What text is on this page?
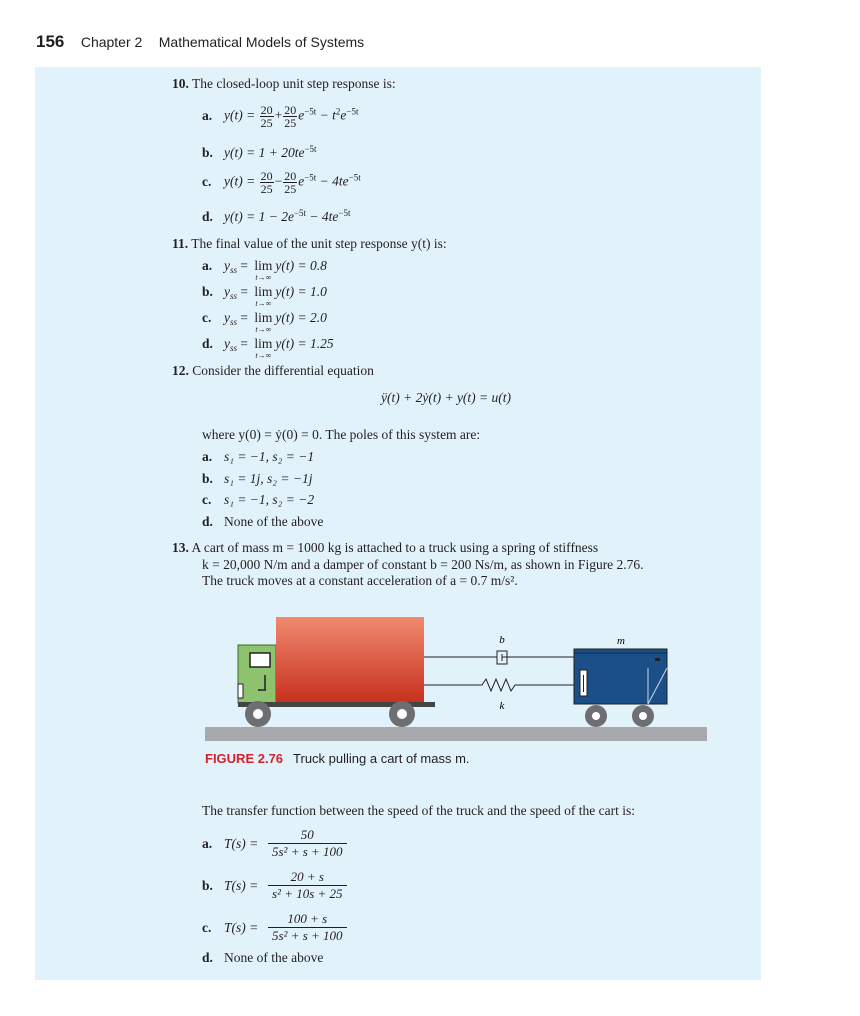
156 Chapter 2 Mathematical Models of Systems
10. The closed-loop unit step response is:
a. $y(t) = \frac{20}{25} + \frac{20}{25} e^{-5t} - t^2e^{-5t}$
b. $y(t) = 1 + 20te^{-5t}$
c. $y(t) = \frac{20}{25} - \frac{20}{25} e^{-5t} - 4te^{-5t}$
d. $y(t) = 1 - 2e^{-5t} - 4te^{-5t}$
11. The final value of the unit step response y(t) is:
a. $y_{ss} = \lim$
t→∞
y(t) = 0.8
b. $y_{ss} = \lim$
t→∞
y(t) = 1.0
c. $y_{ss} = \lim$
t→∞
y(t) = 2.0
d. $y_{ss} = \lim$
t→∞
y(t) = 1.25
12. Consider the differential equation
ÿ(t) + 2ẏ(t) + y(t) = u(t)
where y(0) = ẏ(0) = 0. The poles of this system are:
a. s₁ = −1, s₂ = −1
b. s₁ = 1j, s₂ = −1j
c. s₁ = −1, s₂ = −2
d. None of the above
13. A cart of mass m = 1000 kg is attached to a truck using a spring of stiffness
k = 20,000 N/m and a damper of constant b = 200 Ns/m, as shown in Figure 2.76.
The truck moves at a constant acceleration of a = 0.7 m/s².
b
k
m
FIGURE 2.76 Truck pulling a cart of mass m.
The transfer function between the speed of the truck and the speed of the cart is:
a. $T(s) = \frac{50}{\text{5s² + s + 100}}$
b. $T(s) = \frac{20 + s}{\text{s² + 10s + 25}}$
c. $T(s) = \frac{100 + s}{\text{5s² + s + 100}}$
d. None of the above
